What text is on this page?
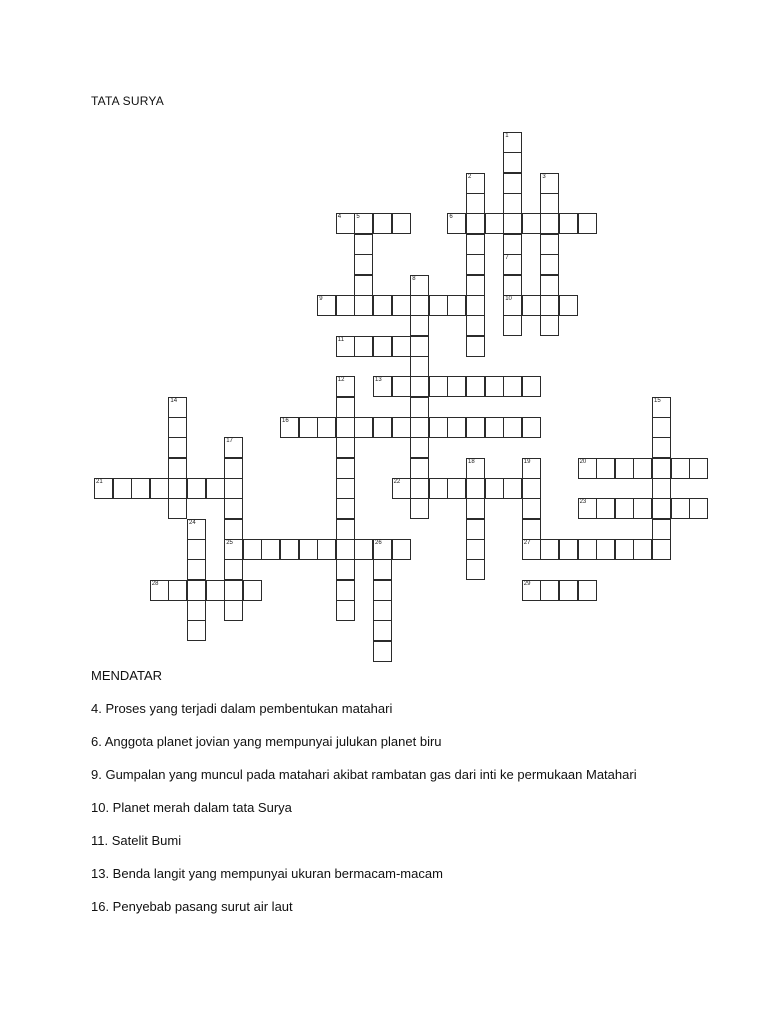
TATA SURYA
1
7
10
2	3
4	5	6
8
9
11
12	13
14	15
16
17
25
18	19
27
20
21	22
23
24
26
28	29
MENDATAR
4. Proses yang terjadi dalam pembentukan matahari
6. Anggota planet jovian yang mempunyai julukan planet biru
9. Gumpalan yang muncul pada matahari akibat rambatan gas dari inti ke permukaan Matahari
10. Planet merah dalam tata Surya
11. Satelit Bumi
13. Benda langit yang mempunyai ukuran bermacam-macam
16. Penyebab pasang surut air laut
